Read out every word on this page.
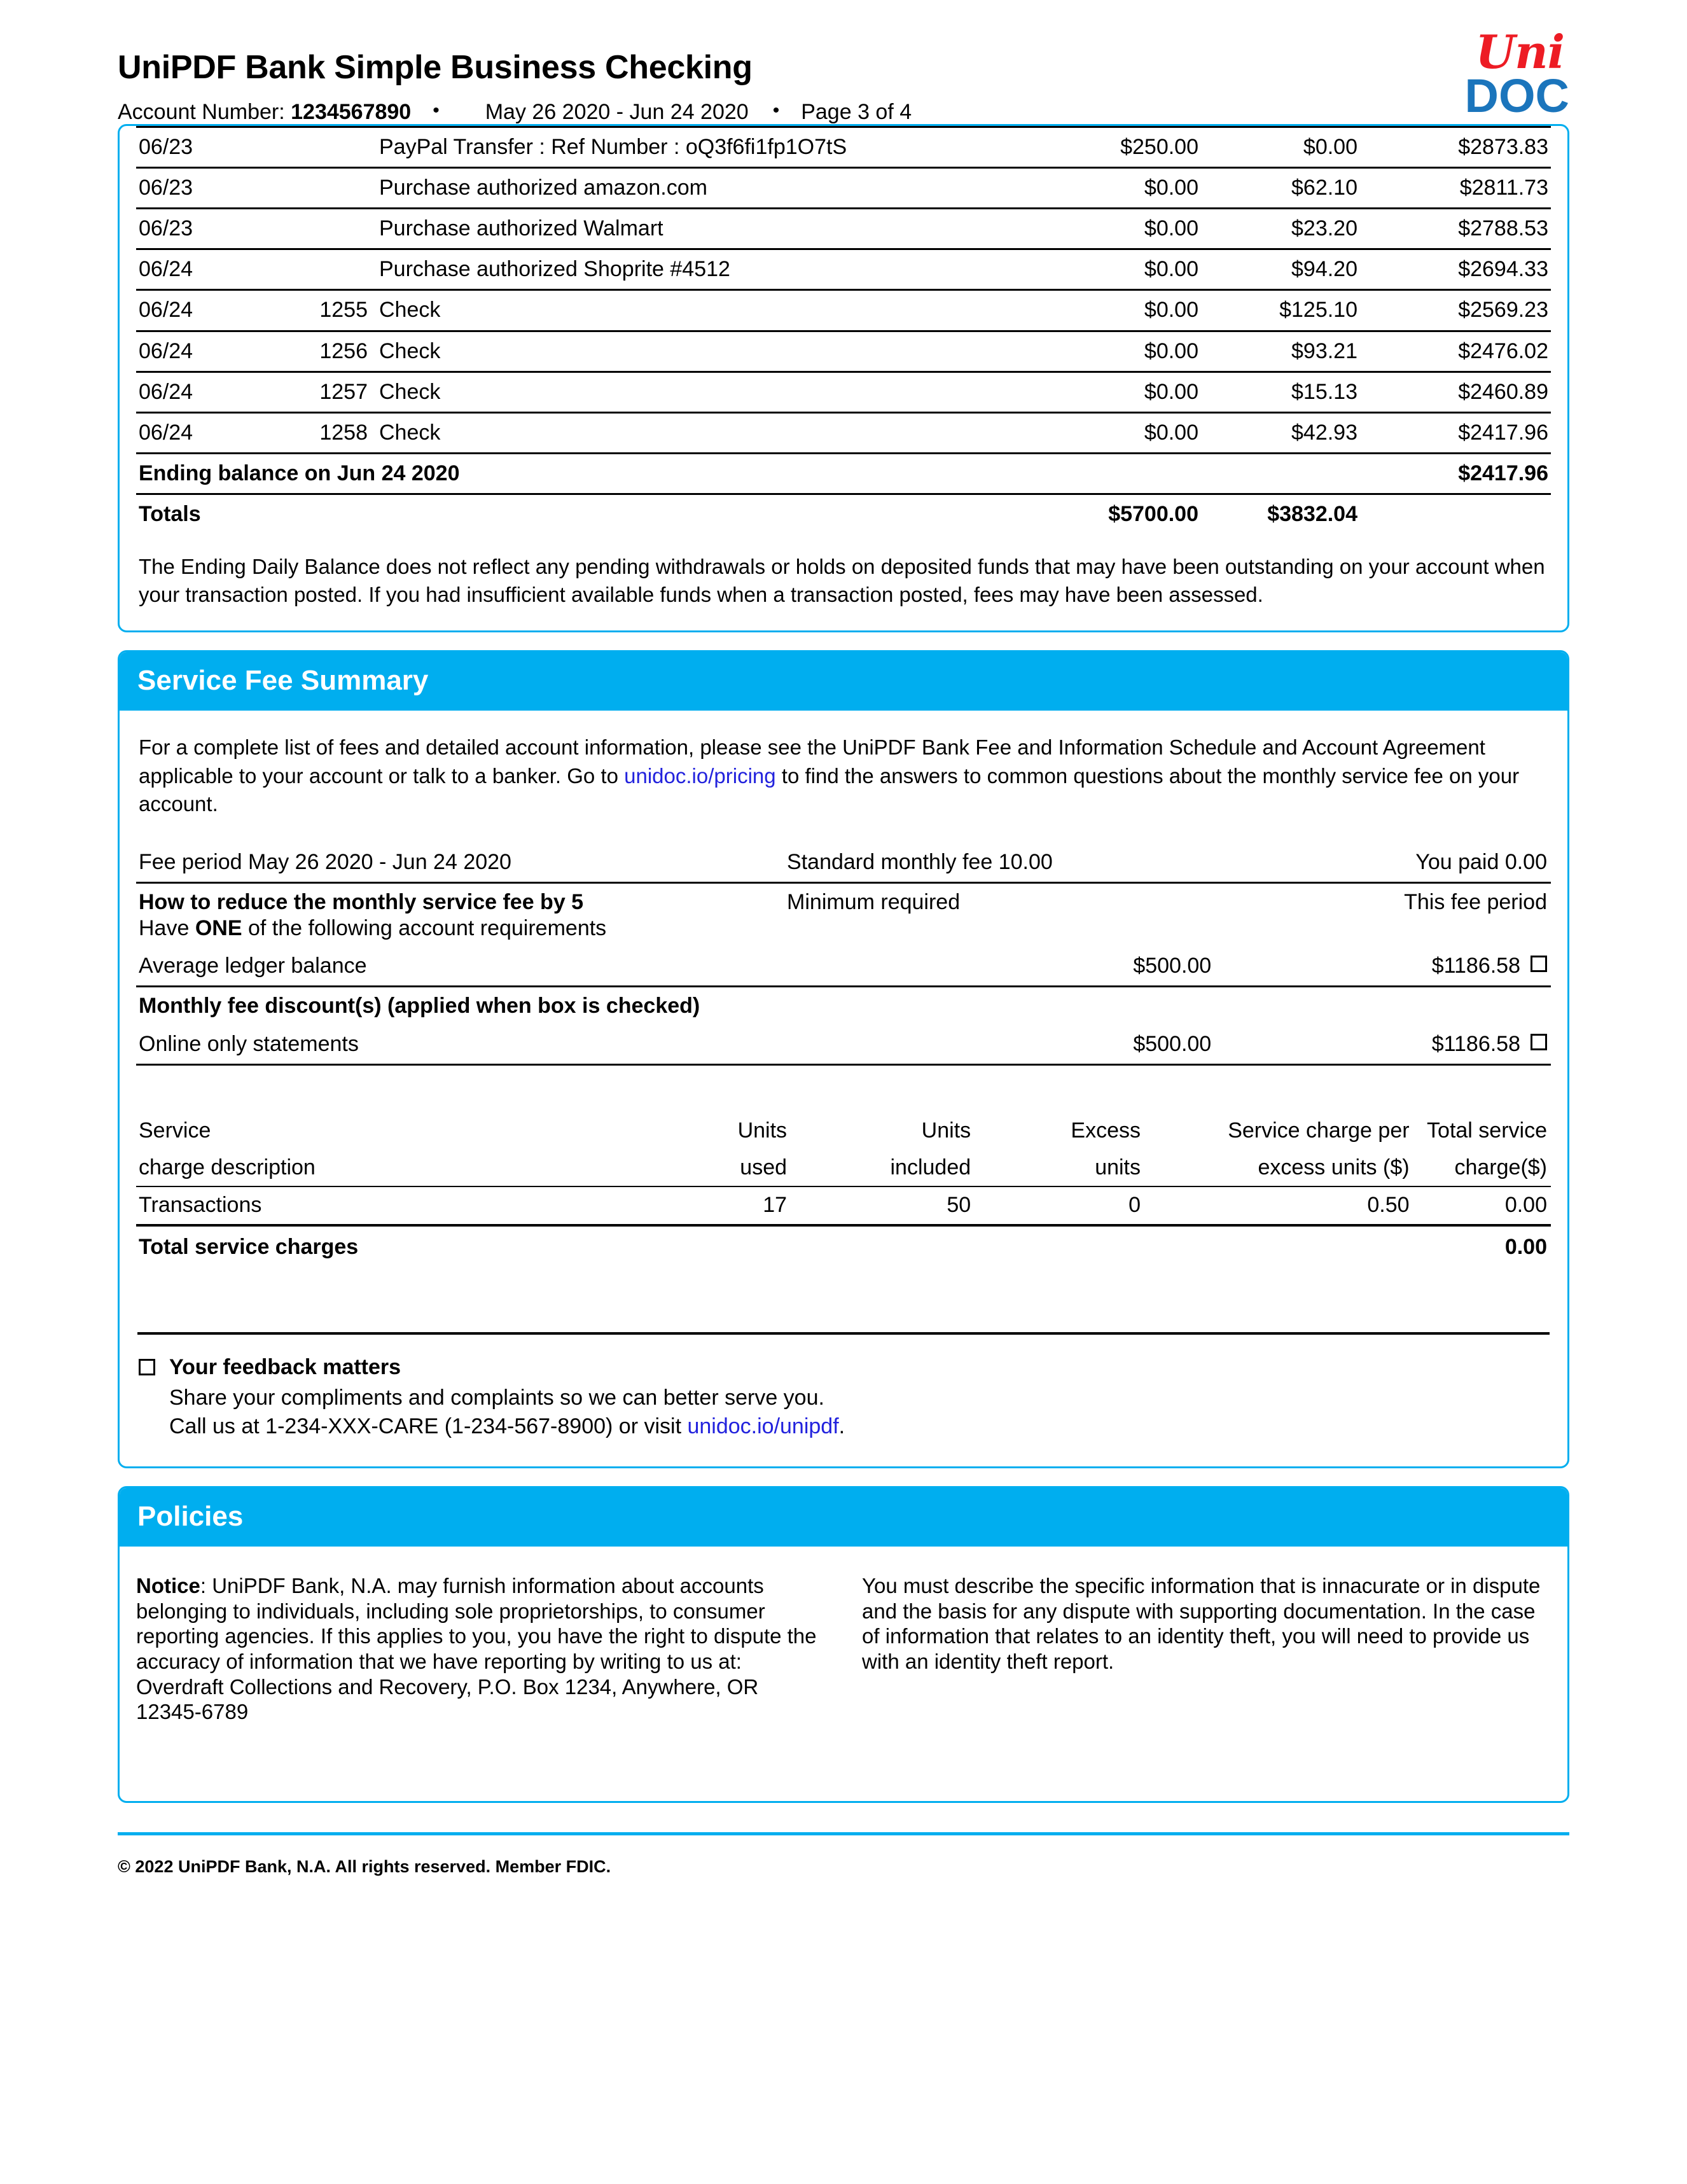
UniPDF Bank Simple Business Checking
Account Number:
1234567890 • May 26 2020 - Jun 24 2020 • Page 3 of 4
Uni
DOC
06/23		PayPal Transfer : Ref Number : oQ3f6fi1fp1O7tS	$250.00	$0.00	$2873.83
06/23		Purchase authorized amazon.com	$0.00	$62.10	$2811.73
06/23		Purchase authorized Walmart	$0.00	$23.20	$2788.53
06/24		Purchase authorized Shoprite #4512	$0.00	$94.20	$2694.33
06/24	1255	Check	$0.00	$125.10	$2569.23
06/24	1256	Check	$0.00	$93.21	$2476.02
06/24	1257	Check	$0.00	$15.13	$2460.89
06/24	1258	Check	$0.00	$42.93	$2417.96
Ending balance on Jun 24 2020					$2417.96
Totals			$5700.00	$3832.04	
The Ending Daily Balance does not reflect any pending withdrawals or holds on deposited funds that may have been outstanding on your account when your transaction posted. If you had insufficient available funds when a transaction posted, fees may have been assessed.
Service Fee Summary
For a complete list of fees and detailed account information, please see the UniPDF Bank Fee and Information Schedule and Account Agreement applicable to your account or talk to a banker. Go to unidoc.io/pricing to find the answers to common questions about the monthly service fee on your account.
Fee period May 26 2020 - Jun 24 2020	Standard monthly fee 10.00	You paid 0.00

How to reduce the monthly service fee by 5
Have ONE of the following account requirements	Minimum required	This fee period
Average ledger balance	$500.00	$1186.58
Monthly fee discount(s) (applied when box is checked)		
Online only statements	$500.00	$1186.58
Service	Units	Units	Excess	Service charge per	Total service
charge description	used	included	units	excess units ($)	charge($)
Transactions	17	50	0	0.50	0.00
Total service charges					0.00
Your feedback matters
Share your compliments and complaints so we can better serve you.
Call us at 1-234-XXX-CARE (1-234-567-8900) or visit unidoc.io/unipdf.
Policies
Notice: UniPDF Bank, N.A. may furnish information about accounts belonging to individuals, including sole proprietorships, to consumer reporting agencies. If this applies to you, you have the right to dispute the accuracy of information that we have reporting by writing to us at: Overdraft Collections and Recovery, P.O. Box 1234, Anywhere, OR 12345-6789
You must describe the specific information that is innacurate or in dispute and the basis for any dispute with supporting documentation. In the case of information that relates to an identity theft, you will need to provide us with an identity theft report.
© 2022 UniPDF Bank, N.A. All rights reserved. Member FDIC.
